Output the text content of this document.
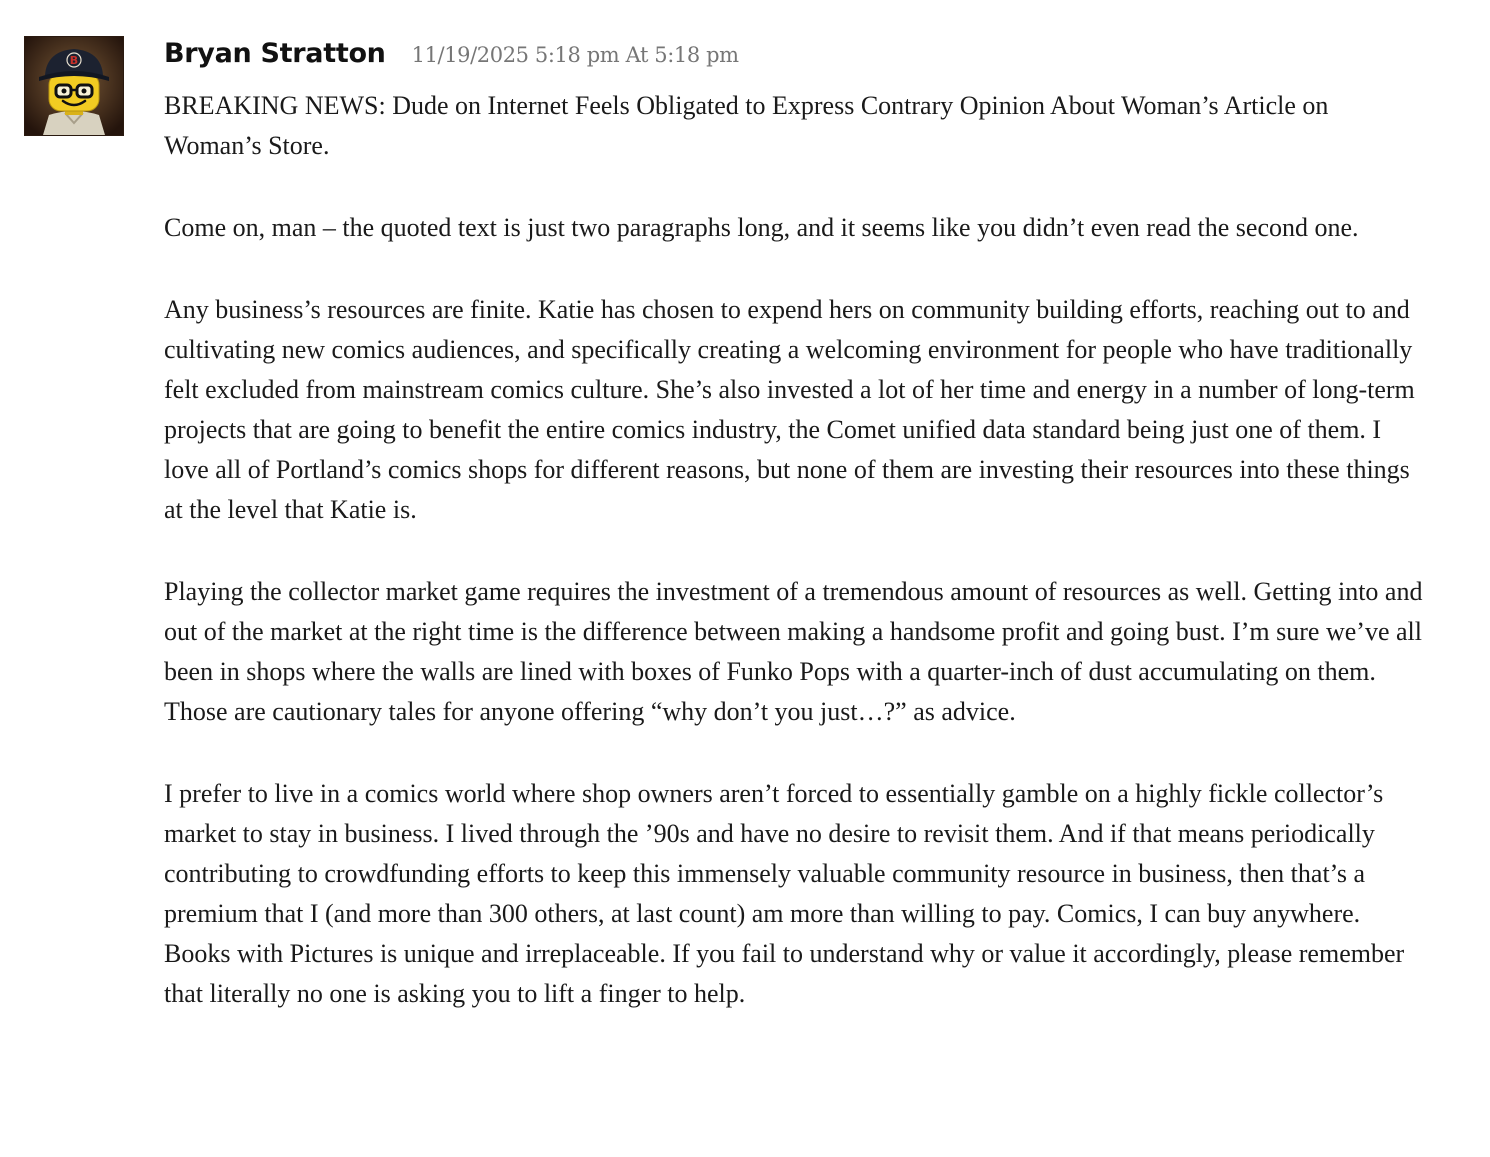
B	Bryan Stratton 11/19/2025 5:18 pm At 5:18 pm

BREAKING NEWS: Dude on Internet Feels Obligated to Express Contrary Opinion About Woman’s Article on Woman’s Store.

Come on, man – the quoted text is just two paragraphs long, and it seems like you didn’t even read the second one.

Any business’s resources are finite. Katie has chosen to expend hers on community building efforts, reaching out to and cultivating new comics audiences, and specifically creating a welcoming environment for people who have traditionally felt excluded from mainstream comics culture. She’s also invested a lot of her time and energy in a number of long-term projects that are going to benefit the entire comics industry, the Comet unified data standard being just one of them. I love all of Portland’s comics shops for different reasons, but none of them are investing their resources into these things at the level that Katie is.

Playing the collector market game requires the investment of a tremendous amount of resources as well. Getting into and out of the market at the right time is the difference between making a handsome profit and going bust. I’m sure we’ve all been in shops where the walls are lined with boxes of Funko Pops with a quarter-inch of dust accumulating on them. Those are cautionary tales for anyone offering “why don’t you just…?” as advice.

I prefer to live in a comics world where shop owners aren’t forced to essentially gamble on a highly fickle collector’s market to stay in business. I lived through the ’90s and have no desire to revisit them. And if that means periodically contributing to crowdfunding efforts to keep this immensely valuable community resource in business, then that’s a premium that I (and more than 300 others, at last count) am more than willing to pay. Comics, I can buy anywhere. Books with Pictures is unique and irreplaceable. If you fail to understand why or value it accordingly, please remember that literally no one is asking you to lift a finger to help.
